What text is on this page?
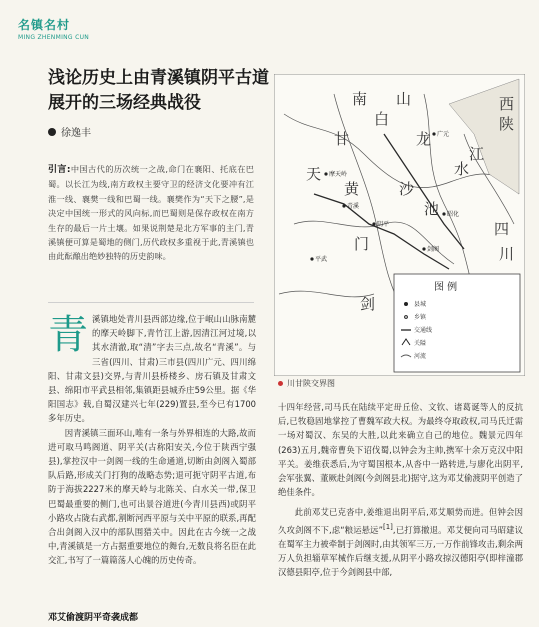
名镇名村
MING ZHENMING CUN
浅论历史上由青溪镇阴平古道
展开的三场经典战役
徐逸丰
引言:中国古代的历次统一之战,命门在襄阳、托底在巴蜀。以长江为线,南方政权主要守卫的经济文化要冲有江淮一线、襄樊一线和巴蜀一线。襄樊作为“天下之腰”,是决定中国统一形式的风向标,而巴蜀则是保存政权在南方生存的最后一片土壤。如果说荆楚是北方军事的主门,青溪镇便可算是蜀地的侧门,历代政权多重视于此,青溪镇也由此酝酿出绝妙独特的历史韵味。

青溪镇地处青川县西部边缘,位于岷山山脉南麓的摩天岭脚下,青竹江上游,因清江河过境,以其水清澈,取“清”字去三点,故名“青溪”。与三省(四川、甘肃)三市县(四川广元、四川绵阳、甘肃文县)交界,与青川县桥楼乡、房石镇及甘肃文县、绵阳市平武县相邻,集镇距县城乔庄59公里。据《华阳国志》载,自蜀汉建兴七年(229)置县,至今已有1700多年历史。

因青溪镇三面环山,唯有一条与外界相连的大路,故而进可取马鸣阁道、阴平关(古称阳安关,今位于陕西宁强县),掌控汉中一剑阁一线的生命通道,切断由剑阁入蜀部队后路,形成关门打狗的战略态势;退可扼守阴平古道,布防于海拔2227米的摩天岭与北陈关、白水关一带,保卫巴蜀最重要的侧门,也可出景谷道进(今青川县西)或阴平小路攻占陇右武都,割断河西平原与关中平原的联系,再配合出剑阁入汉中的部队围猎关中。因此在古今统一之战中,青溪镇是一方占据重要地位的舞台,无数良将名臣在此交汇,书写了一篇篇荡人心魄的历史传奇。

邓艾偷渡阴平奇袭成都
南
白
山
甘	龙
江
黄	沙
天
门
剑
四
川
陕
西
池
水
摩天岭
青溪
广元
平武
剑阁
昭化
阴平
图 例
县城
乡镇
交通线
关隘
河流
川甘陕交界图

十四年经营,司马氏在陆续平定毌丘俭、文钦、诸葛诞等人的反抗后,已牧稳固地掌控了曹魏军政大权。为最终夺取政权,司马氏迁需一场对蜀汉、东吴的大胜,以此来确立自己的地位。魏景元四年(263)五月,魏帝曹奂下诏伐蜀,以钟会为主帅,携军十余万克汉中阳平关。姜维获悉后,为守蜀国根本,从沓中一路转进,与廖化出阴平,会军张翼、董厥赴剑阁(今剑阁县北)据守,这为邓艾偷渡阴平创造了绝佳条件。

此前邓艾已克沓中,姜维退出阴平后,邓艾顺势而进。但钟会因久攻剑阁不下,虑“粮运悬远”[1],已打算撤退。邓艾便向司马昭建议在蜀军主力被牵制于剑阁时,由其领军三万,一万作前锋攻击,剩余两万人负担辎草军械作后继支援,从阴平小路攻掠汉德阳亭(即梓潼郡汉德县阳亭,位于今剑阁县中部,
